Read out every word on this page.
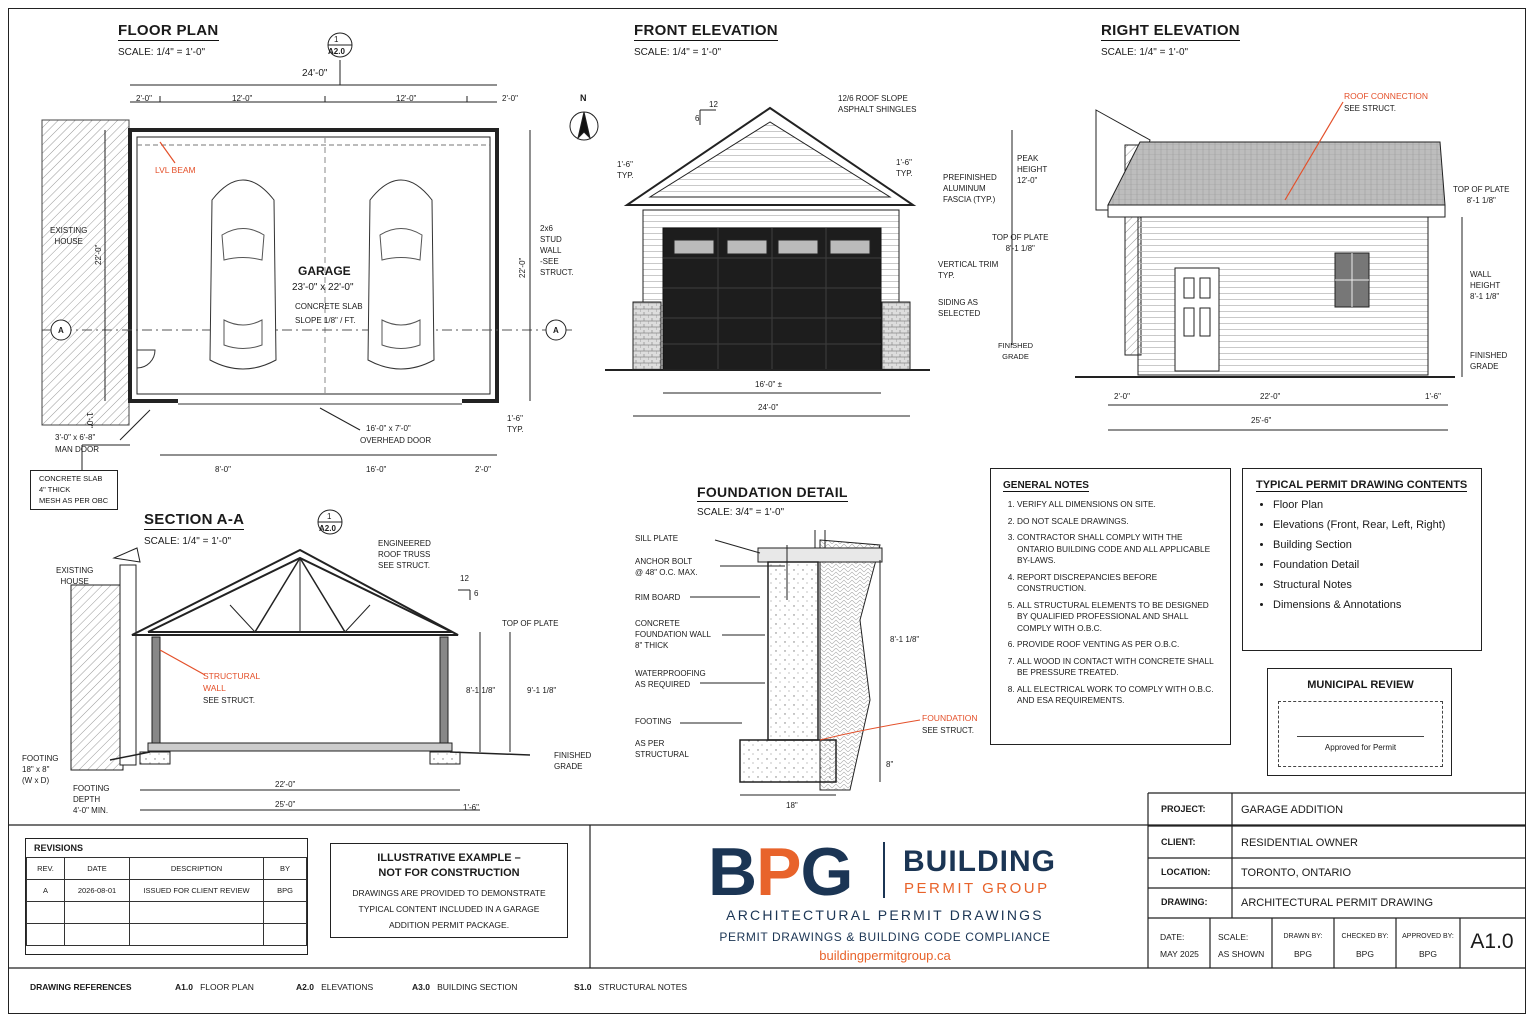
FLOOR PLAN
SCALE: 1/4" = 1'-0"
1
A2.0
24'-0"
2'-0"	12'-0"	12'-0"	2'-0"
EXISTING
HOUSE
LVL BEAM
GARAGE
23'-0" x 22'-0"
CONCRETE SLAB
SLOPE 1/8" / FT.
22'-0"
22'-0"
2x6
STUD
WALL
-SEE
STRUCT.
1'-0"
3'-0" x 6'-8"
MAN DOOR
16'-0" x 7'-0"
OVERHEAD DOOR
1'-6"
TYP.
CONCRETE SLAB
4" THICK
MESH AS PER OBC
8'-0"	16'-0"	2'-0"
A	A
N
FRONT ELEVATION
SCALE: 1/4" = 1'-0"
12
6
12/6 ROOF SLOPE
ASPHALT SHINGLES
1'-6"
TYP.
1'-6"
TYP.	PREFINISHED
ALUMINUM
FASCIA (TYP.)
PEAK
HEIGHT
12'-0"
TOP OF PLATE
8'-1 1/8"
VERTICAL TRIM
TYP.
SIDING AS
SELECTED
FINISHED
GRADE
16'-0" ±
24'-0"
RIGHT ELEVATION
SCALE: 1/4" = 1'-0"
ROOF CONNECTION
SEE STRUCT.
TOP OF PLATE
8'-1 1/8"
WALL
HEIGHT
8'-1 1/8"
FINISHED
GRADE
2'-0"	22'-0"	1'-6"
25'-6"
SECTION A-A
SCALE: 1/4" = 1'-0"
1
A2.0
EXISTING
HOUSE
ENGINEERED
ROOF TRUSS
SEE STRUCT.
12
6
TOP OF PLATE
STRUCTURAL
WALL
SEE STRUCT.
8'-1 1/8"	9'-1 1/8"
FOOTING
18" x 8"
(W x D)
FOOTING
DEPTH
4'-0" MIN.
FINISHED
GRADE
22'-0"
25'-0"	1'-6"
FOUNDATION DETAIL
SCALE: 3/4" = 1'-0"
SILL PLATE
ANCHOR BOLT
@ 48" O.C. MAX.
RIM BOARD
CONCRETE
FOUNDATION WALL
8" THICK
WATERPROOFING
AS REQUIRED
FOOTING

AS PER
STRUCTURAL
8'-1 1/8"
FOUNDATION
SEE STRUCT.
8"
18"
GENERAL NOTES
1. VERIFY ALL DIMENSIONS ON SITE.
2. DO NOT SCALE DRAWINGS.
3. CONTRACTOR SHALL COMPLY WITH THE ONTARIO BUILDING CODE AND ALL APPLICABLE BY-LAWS.
4. REPORT DISCREPANCIES BEFORE CONSTRUCTION.
5. ALL STRUCTURAL ELEMENTS TO BE DESIGNED BY QUALIFIED PROFESSIONAL AND SHALL COMPLY WITH O.B.C.
6. PROVIDE ROOF VENTING AS PER O.B.C.
7. ALL WOOD IN CONTACT WITH CONCRETE SHALL BE PRESSURE TREATED.
8. ALL ELECTRICAL WORK TO COMPLY WITH O.B.C. AND ESA REQUIREMENTS.
TYPICAL PERMIT DRAWING CONTENTS
• Floor Plan
• Elevations (Front, Rear, Left, Right)
• Building Section
• Foundation Detail
• Structural Notes
• Dimensions & Annotations
MUNICIPAL REVIEW
Approved for Permit
REVISIONS
REV.	DATE	DESCRIPTION	BY
A	2026-08-01	ISSUED FOR CLIENT REVIEW	BPG

ILLUSTRATIVE EXAMPLE –
NOT FOR CONSTRUCTION
DRAWINGS ARE PROVIDED TO DEMONSTRATE
TYPICAL CONTENT INCLUDED IN A GARAGE
ADDITION PERMIT PACKAGE.
BPG BUILDING
PERMIT GROUP
ARCHITECTURAL PERMIT DRAWINGS
PERMIT DRAWINGS & BUILDING CODE COMPLIANCE
buildingpermitgroup.ca
PROJECT:	GARAGE ADDITION
CLIENT:	RESIDENTIAL OWNER
LOCATION:	TORONTO, ONTARIO
DRAWING:	ARCHITECTURAL PERMIT DRAWING
DATE:
MAY 2025
SCALE:
AS SHOWN
DRAWN BY:
BPG
CHECKED BY:
BPG
APPROVED BY:
BPG
A1.0
DRAWING REFERENCES	A1.0 FLOOR PLAN	A2.0 ELEVATIONS	A3.0 BUILDING SECTION	S1.0 STRUCTURAL NOTES
